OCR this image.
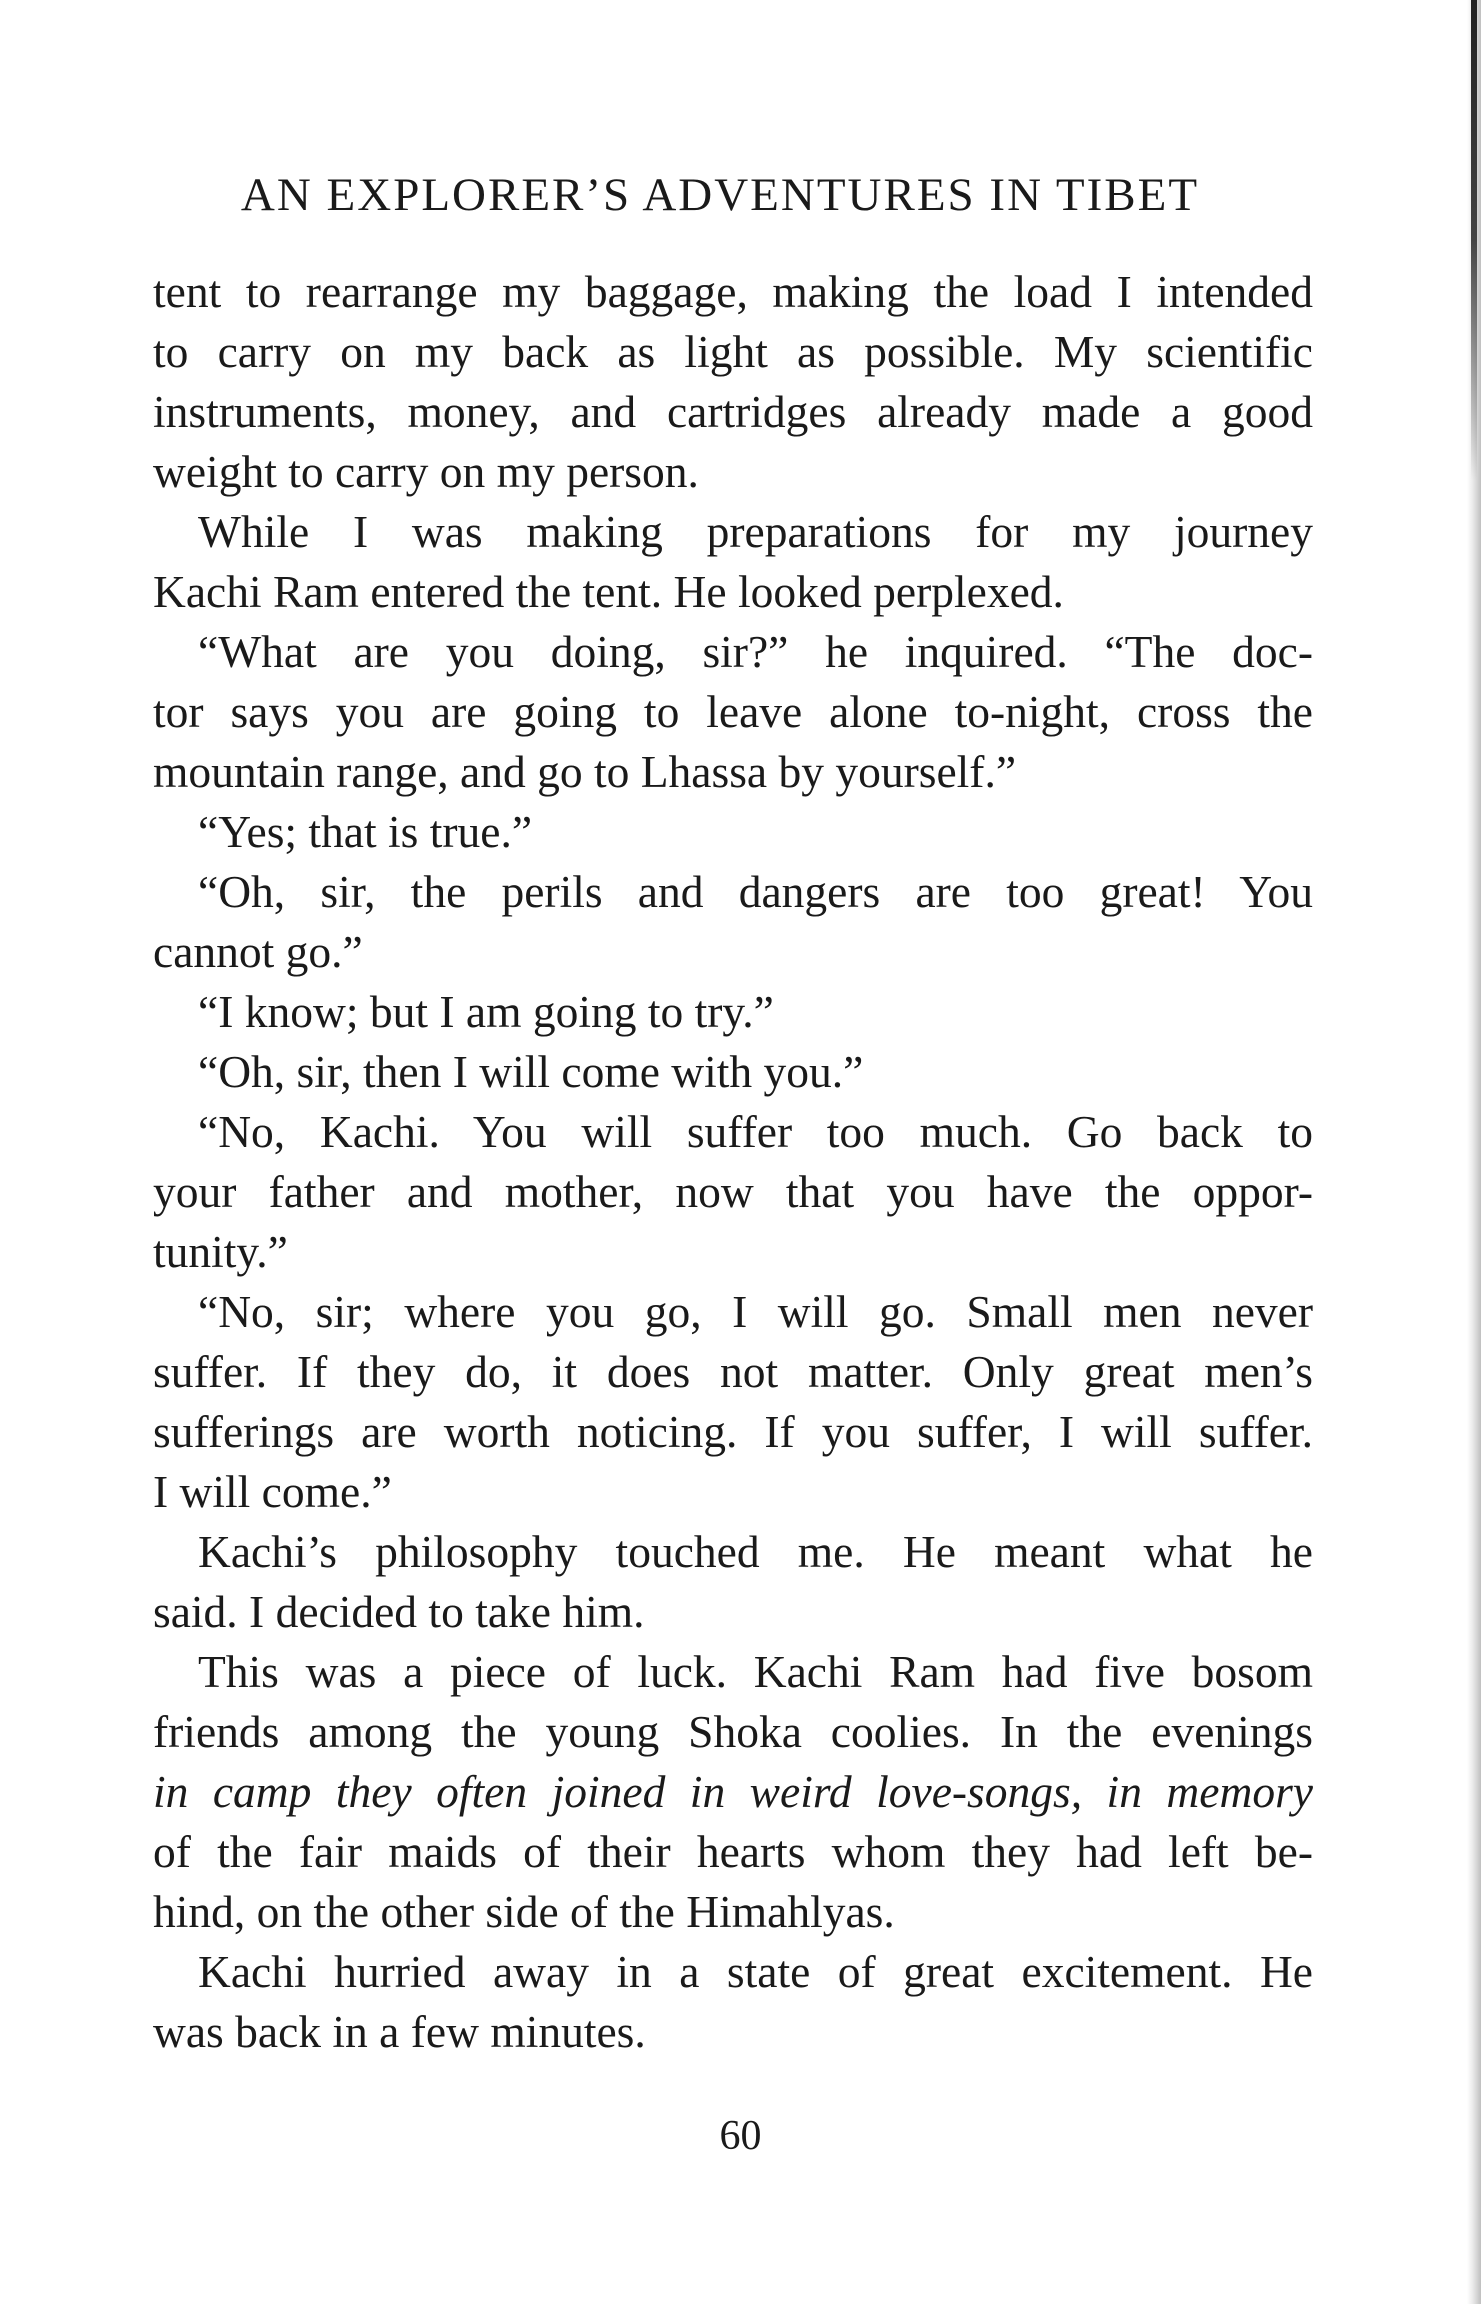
AN EXPLORER’S ADVENTURES IN TIBET
tent to rearrange my baggage, making the load I intended
to carry on my back as light as possible. My scientific
instruments, money, and cartridges already made a good
weight to carry on my person.
While I was making preparations for my journey
Kachi Ram entered the tent. He looked perplexed.
“What are you doing, sir?” he inquired. “The doc-
tor says you are going to leave alone to-night, cross the
mountain range, and go to Lhassa by yourself.”
“Yes; that is true.”
“Oh, sir, the perils and dangers are too great! You
cannot go.”
“I know; but I am going to try.”
“Oh, sir, then I will come with you.”
“No, Kachi. You will suffer too much. Go back to
your father and mother, now that you have the oppor-
tunity.”
“No, sir; where you go, I will go. Small men never
suffer. If they do, it does not matter. Only great men’s
sufferings are worth noticing. If you suffer, I will suffer.
I will come.”
Kachi’s philosophy touched me. He meant what he
said. I decided to take him.
This was a piece of luck. Kachi Ram had five bosom
friends among the young Shoka coolies. In the evenings
in camp they often joined in weird love-songs, in memory
of the fair maids of their hearts whom they had left be-
hind, on the other side of the Himahlyas.
Kachi hurried away in a state of great excitement. He
was back in a few minutes.
60
